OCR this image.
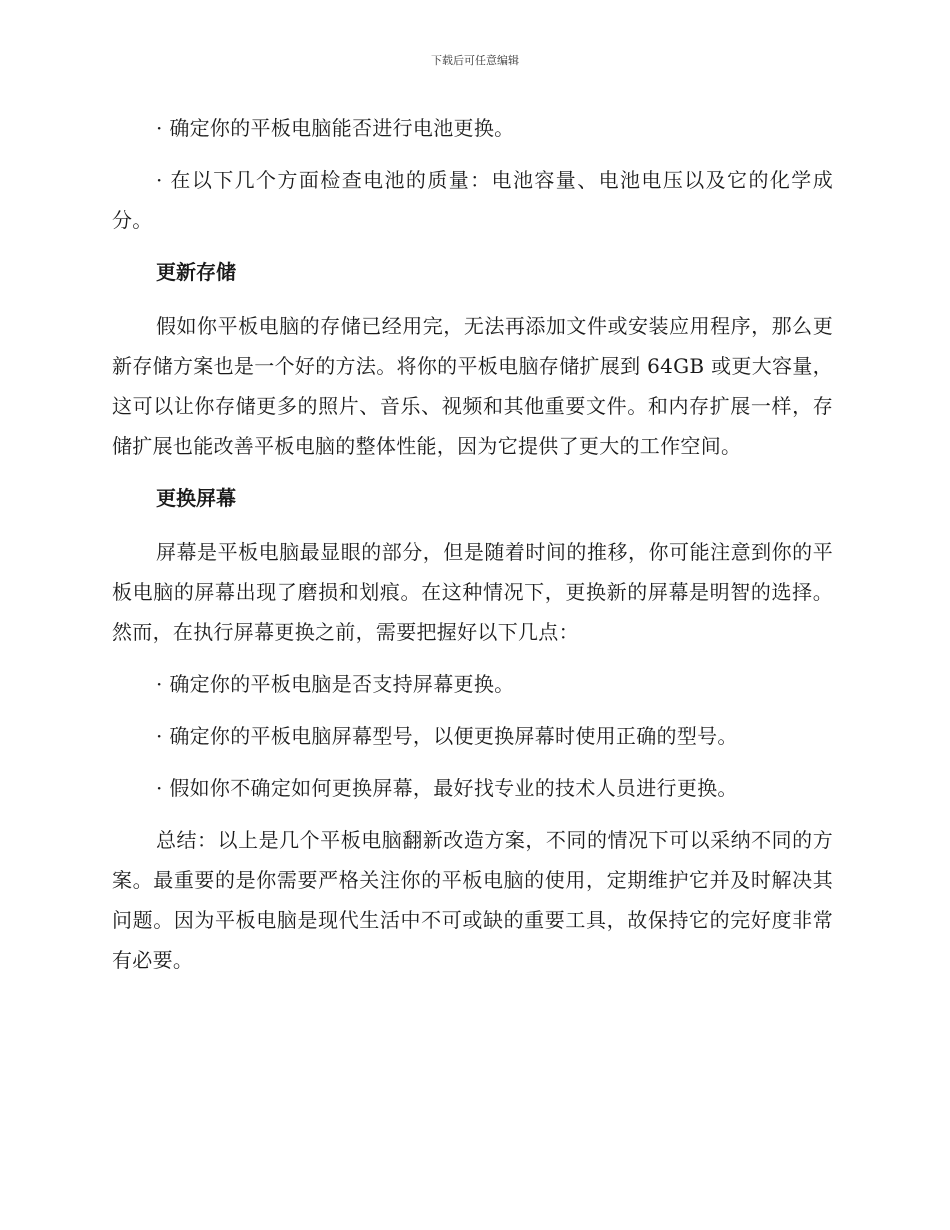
下载后可任意编辑

· 确定你的平板电脑能否进行电池更换。

· 在以下几个方面检查电池的质量：电池容量、电池电压以及它的化学成分。

更新存储

假如你平板电脑的存储已经用完，无法再添加文件或安装应用程序，那么更新存储方案也是一个好的方法。将你的平板电脑存储扩展到 64GB 或更大容量，这可以让你存储更多的照片、音乐、视频和其他重要文件。和内存扩展一样，存储扩展也能改善平板电脑的整体性能，因为它提供了更大的工作空间。

更换屏幕

屏幕是平板电脑最显眼的部分，但是随着时间的推移，你可能注意到你的平板电脑的屏幕出现了磨损和划痕。在这种情况下，更换新的屏幕是明智的选择。然而，在执行屏幕更换之前，需要把握好以下几点：

· 确定你的平板电脑是否支持屏幕更换。

· 确定你的平板电脑屏幕型号，以便更换屏幕时使用正确的型号。

· 假如你不确定如何更换屏幕，最好找专业的技术人员进行更换。

总结：以上是几个平板电脑翻新改造方案，不同的情况下可以采纳不同的方案。最重要的是你需要严格关注你的平板电脑的使用，定期维护它并及时解决其问题。因为平板电脑是现代生活中不可或缺的重要工具，故保持它的完好度非常有必要。
